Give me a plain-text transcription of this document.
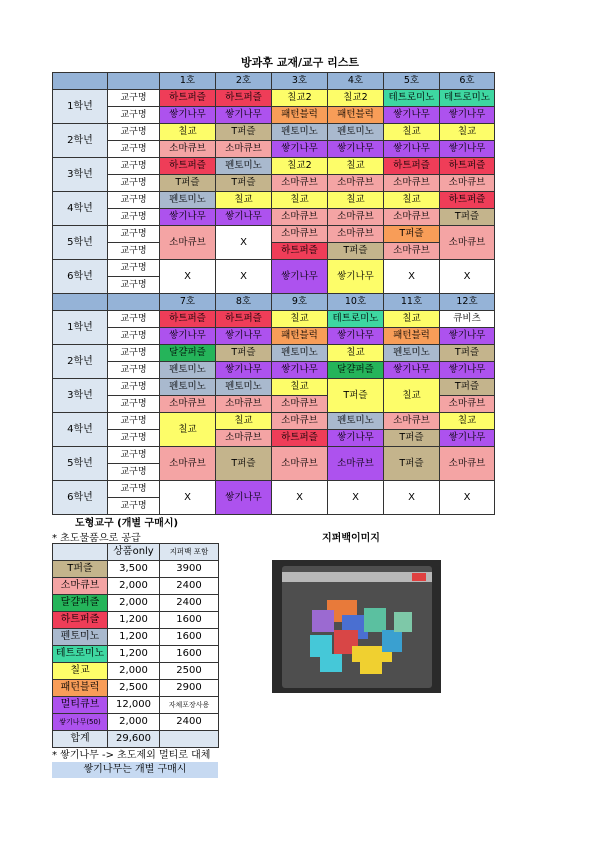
방과후 교재/교구 리스트
		1호	2호	3호	4호	5호	6호
1학년	교구명	하트퍼즐	하트퍼즐	칠교2	칠교2	테트로미노	테트로미노
	교구명	쌓기나무	쌓기나무	패턴블럭	패턴블럭	쌓기나무	쌓기나무
2학년	교구명	칠교	T퍼즐	펜토미노	펜토미노	칠교	칠교
	교구명	소마큐브	소마큐브	쌓기나무	쌓기나무	쌓기나무	쌓기나무
3학년	교구명	하트퍼즐	펜토미노	칠교2	칠교	하트퍼즐	하트퍼즐
	교구명	T퍼즐	T퍼즐	소마큐브	소마큐브	소마큐브	소마큐브
4학년	교구명	펜토미노	칠교	칠교	칠교	칠교	하트퍼즐
	교구명	쌓기나무	쌓기나무	소마큐브	소마큐브	소마큐브	T퍼즐
5학년	교구명	소마큐브	X	소마큐브	소마큐브	T퍼즐	소마큐브
	교구명			하트퍼즐	T퍼즐	소마큐브	
6학년	교구명	X	X	쌓기나무	쌓기나무	X	X
	교구명						
		7호	8호	9호	10호	11호	12호
1학년	교구명	하트퍼즐	하트퍼즐	칠교	테트로미노	칠교	큐비츠
	교구명	쌓기나무	쌓기나무	패턴블럭	쌓기나무	패턴블럭	쌓기나무
2학년	교구명	달걀퍼즐	T퍼즐	펜토미노	칠교	펜토미노	T퍼즐
	교구명	펜토미노	쌓기나무	쌓기나무	달걀퍼즐	쌓기나무	쌓기나무
3학년	교구명	펜토미노	펜토미노	칠교	T퍼즐	칠교	T퍼즐
	교구명	소마큐브	소마큐브	소마큐브			소마큐브
4학년	교구명	칠교	칠교	소마큐브	펜토미노	소마큐브	칠교
	교구명		소마큐브	하트퍼즐	쌓기나무	T퍼즐	쌓기나무
5학년	교구명	소마큐브	T퍼즐	소마큐브	소마큐브	T퍼즐	소마큐브
	교구명						
6학년	교구명	X	쌓기나무	X	X	X	X
	교구명						
도형교구 (개별 구매시)
* 초도물품으로 공급	지퍼백이미지
	상품only	지퍼백 포함
T퍼즐	3,500	3900
소마큐브	2,000	2400
달걀퍼즐	2,000	2400
하트퍼즐	1,200	1600
펜토미노	1,200	1600
테트로미노	1,200	1600
칠교	2,000	2500
패턴블럭	2,500	2900
멀티큐브	12,000	자체포장사용
쌓기나무(50)	2,000	2400
합계	29,600	
* 쌓기나무 -> 초도제외 멀티로 대체
쌓기나무는 개별 구매시
